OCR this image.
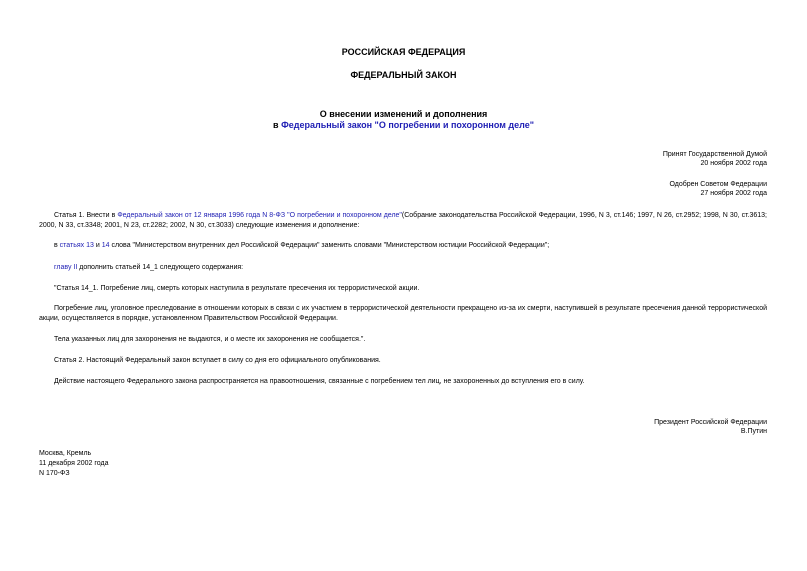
РОССИЙСКАЯ ФЕДЕРАЦИЯ
ФЕДЕРАЛЬНЫЙ ЗАКОН
О внесении изменений и дополнения
в Федеральный закон "О погребении и похоронном деле"
Принят Государственной Думой
20 ноября 2002 года
Одобрен Советом Федерации
27 ноября 2002 года
Статья 1. Внести в Федеральный закон от 12 января 1996 года N 8-ФЗ "О погребении и похоронном деле"(Собрание законодательства Российской Федерации, 1996, N 3, ст.146; 1997, N 26, ст.2952; 1998, N 30, ст.3613; 2000, N 33, ст.3348; 2001, N 23, ст.2282; 2002, N 30, ст.3033) следующие изменения и дополнение:
в статьях 13 и 14 слова "Министерством внутренних дел Российской Федерации" заменить словами "Министерством юстиции Российской Федерации";
главу II дополнить статьей 14_1 следующего содержания:
"Статья 14_1. Погребение лиц, смерть которых наступила в результате пресечения их террористической акции.
Погребение лиц, уголовное преследование в отношении которых в связи с их участием в террористической деятельности прекращено из-за их смерти, наступившей в результате пресечения данной террористической акции, осуществляется в порядке, установленном Правительством Российской Федерации.
Тела указанных лиц для захоронения не выдаются, и о месте их захоронения не сообщается.".
Статья 2. Настоящий Федеральный закон вступает в силу со дня его официального опубликования.
Действие настоящего Федерального закона распространяется на правоотношения, связанные с погребением тел лиц, не захороненных до вступления его в силу.
Президент Российской Федерации
В.Путин
Москва, Кремль
11 декабря 2002 года
N 170-ФЗ
